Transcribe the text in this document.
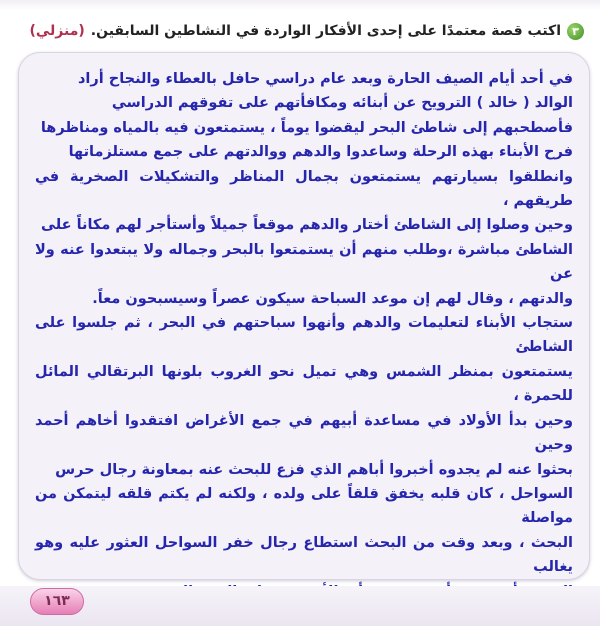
٣
اكتب قصة معتمدًا على إحدى الأفكار الواردة في النشاطين السابقين.
(منزلي)

في أحد أيام الصيف الحارة وبعد عام دراسي حافل بالعطاء والنجاح أراد
الوالد ( خالد ) الترويح عن أبنائه ومكافأتهم على تفوقهم الدراسي
فأصطحبهم إلى شاطئ البحر ليقضوا يوماً ، يستمتعون فيه بالمياه ومناظرها
فرح الأبناء بهذه الرحلة وساعدوا والدهم ووالدتهم على جمع مستلزماتها
وانطلقوا بسيارتهم يستمتعون بجمال المناظر والتشكيلات الصخرية في طريقهم ،
وحين وصلوا إلى الشاطئ أختار والدهم موقعاً جميلاً وأستأجر لهم مكاناً على
الشاطئ مباشرة ،وطلب منهم أن يستمتعوا بالبحر وجماله ولا يبتعدوا عنه ولا عن
والدتهم ، وقال لهم إن موعد السباحة سيكون عصراً وسيسبحون معاً.
ستجاب الأبناء لتعليمات والدهم وأنهوا سباحتهم في البحر ، ثم جلسوا على الشاطئ
يستمتعون بمنظر الشمس وهي تميل نحو الغروب بلونها البرتقالي المائل للحمرة ،
وحين بدأ الأولاد في مساعدة أبيهم في جمع الأغراض افتقدوا أخاهم أحمد وحين
بحثوا عنه لم يجدوه أخبروا أباهم الذي فزع للبحث عنه بمعاونة رجال حرس
السواحل ، كان قلبه يخفق قلقاً على ولده ، ولكنه لم يكتم قلقه ليتمكن من مواصلة
البحث ، وبعد وقت من البحث استطاع رجال خفر السواحل العثور عليه وهو يغالب

١٦٣
